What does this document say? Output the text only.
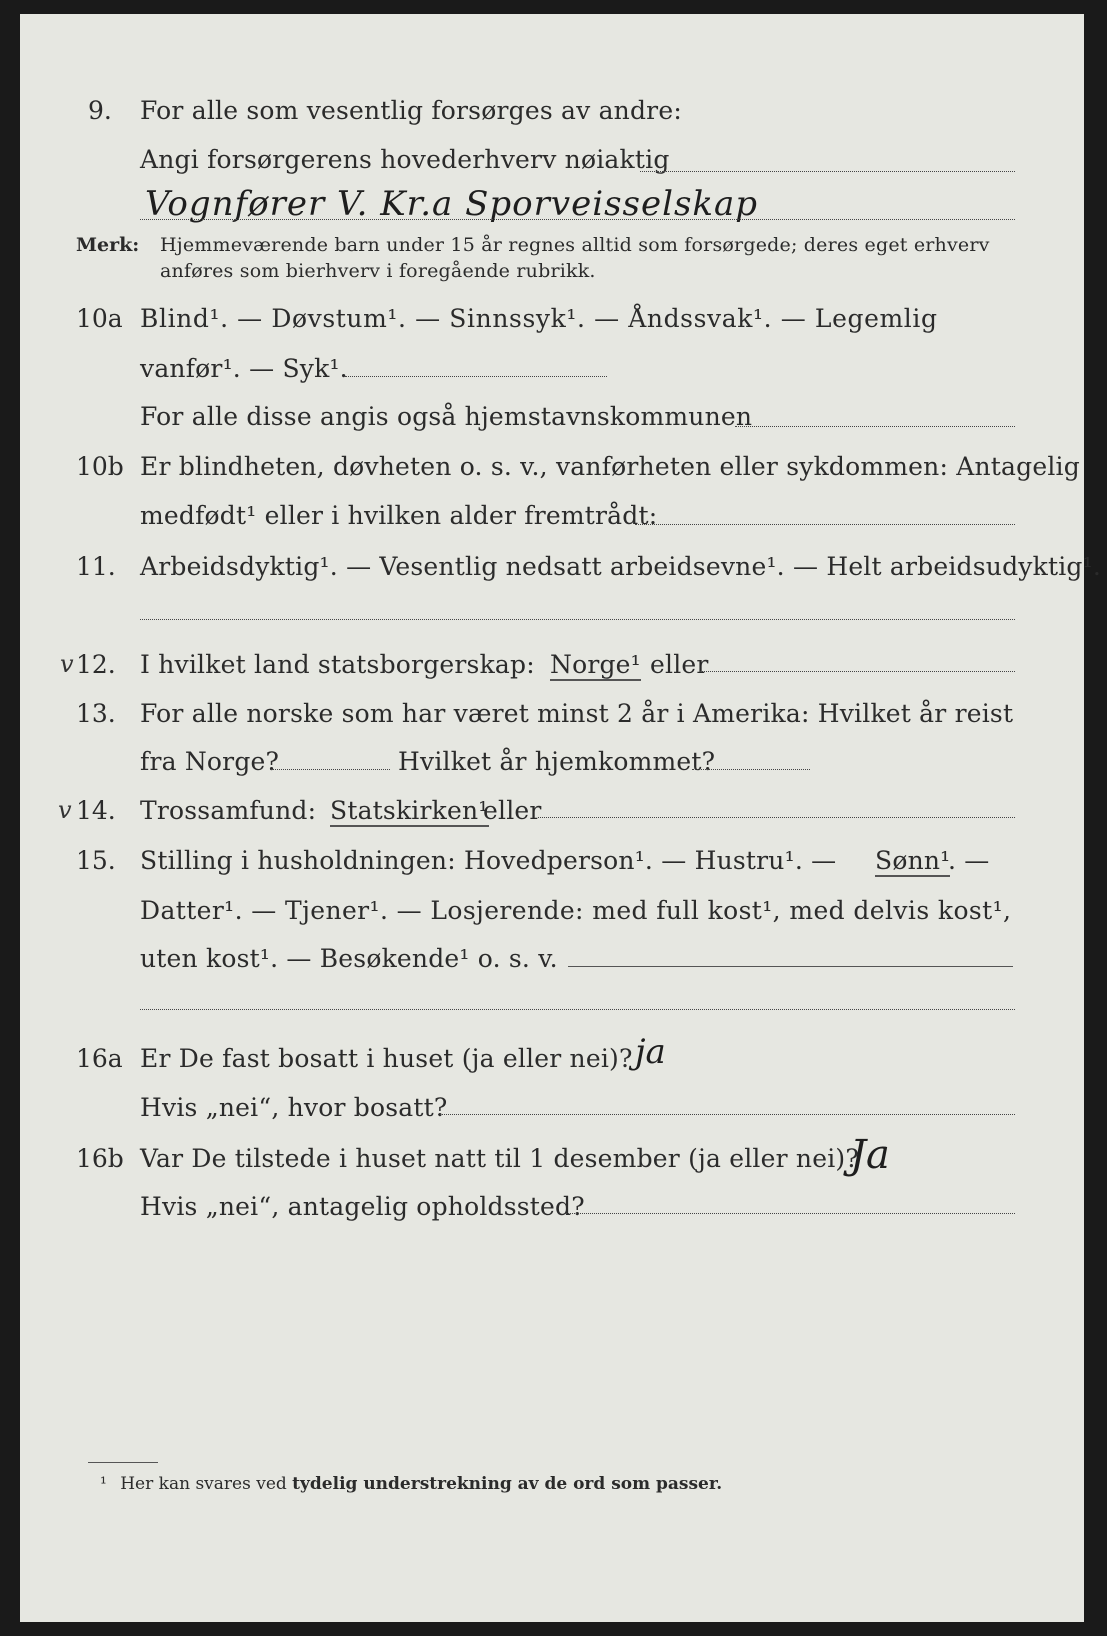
9. For alle som vesentlig forsørges av andre:
Angi forsørgerens hovederhverv nøiaktig
Vognfører V. Kr.a Sporveisselskap
Merk: Hjemmeværende barn under 15 år regnes alltid som forsørgede; deres eget erhverv
anføres som bierhverv i foregående rubrikk.
10a Blind¹. — Døvstum¹. — Sinnssyk¹. — Åndssvak¹. — Legemlig
vanfør¹. — Syk¹.
For alle disse angis også hjemstavnskommunen
10b Er blindheten, døvheten o. s. v., vanførheten eller sykdommen: Antagelig
medfødt¹ eller i hvilken alder fremtrådt:
11. Arbeidsdyktig¹. — Vesentlig nedsatt arbeidsevne¹. — Helt arbeidsudyktig¹.
v 12. I hvilket land statsborgerskap: Norge¹ eller
13. For alle norske som har været minst 2 år i Amerika: Hvilket år reist
fra Norge?	Hvilket år hjemkommet?
v 14. Trossamfund: Statskirken¹
eller
15. Stilling i husholdningen: Hovedperson¹. — Hustru¹. — Sønn¹
. —
Datter¹. — Tjener¹. — Losjerende: med full kost¹, med delvis kost¹,
uten kost¹. — Besøkende¹ o. s. v.
16a Er De fast bosatt i huset (ja eller nei)? ja
Hvis „nei“, hvor bosatt?
16b Var De tilstede i huset natt til 1 desember (ja eller nei)?
Ja
Hvis „nei“, antagelig opholdssted?
¹ Her kan svares ved tydelig understrekning av de ord som passer.
